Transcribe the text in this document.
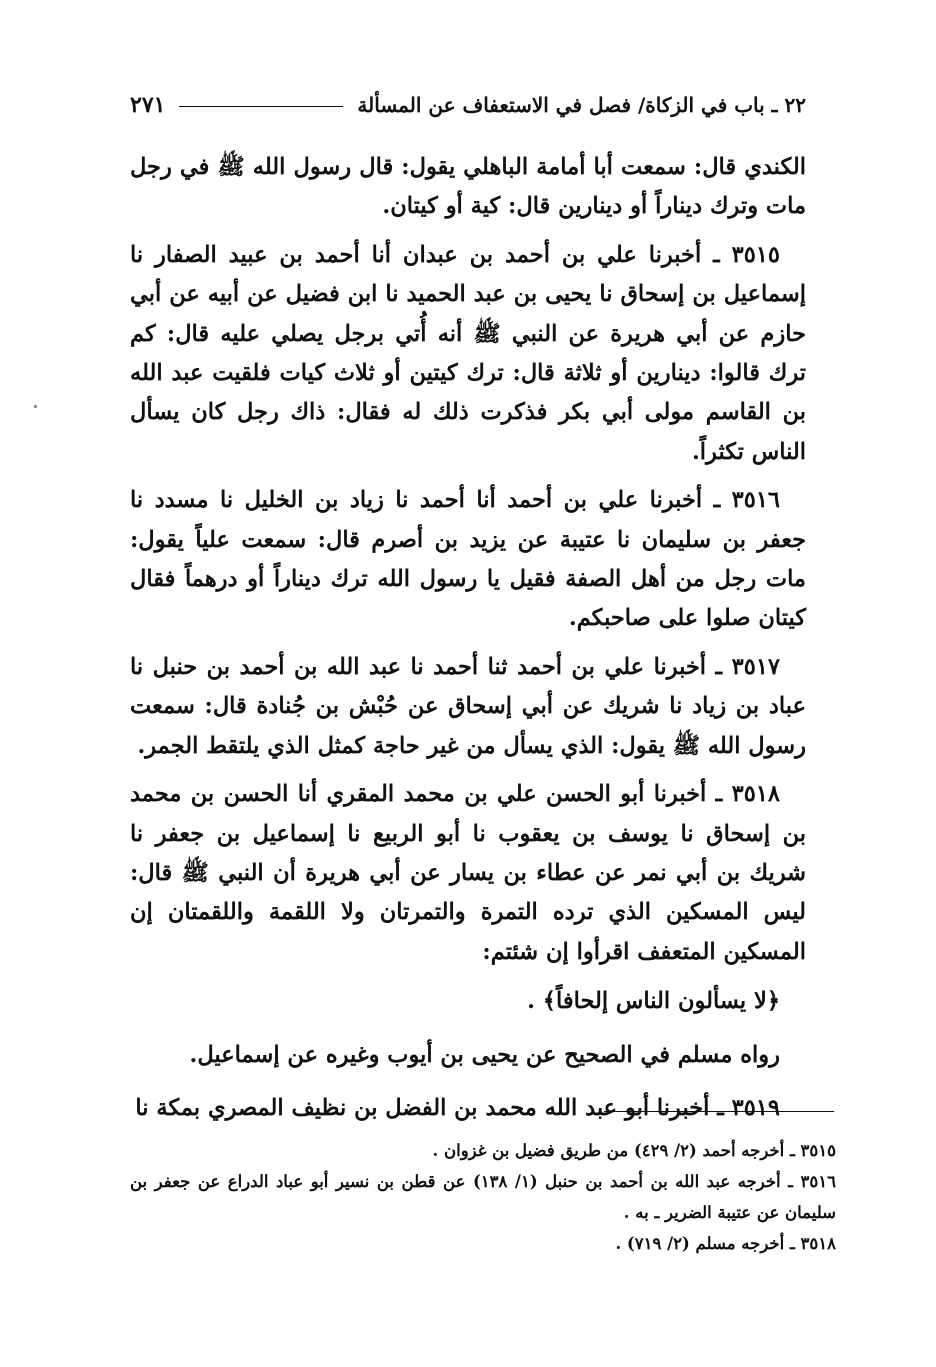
٢٢ ـ باب في الزكاة/ فصل في الاستعفاف عن المسألة
٢٧١

الكندي قال: سمعت أبا أمامة الباهلي يقول: قال رسول الله ﷺ في رجل مات وترك ديناراً أو دينارين قال: كية أو كيتان.

٣٥١٥ ـ أخبرنا علي بن أحمد بن عبدان أنا أحمد بن عبيد الصفار نا إسماعيل بن إسحاق نا يحيى بن عبد الحميد نا ابن فضيل عن أبيه عن أبي حازم عن أبي هريرة عن النبي ﷺ أنه أُتي برجل يصلي عليه قال: كم ترك قالوا: دينارين أو ثلاثة قال: ترك كيتين أو ثلاث كيات فلقيت عبد الله بن القاسم مولى أبي بكر فذكرت ذلك له فقال: ذاك رجل كان يسأل الناس تكثراً.

٣٥١٦ ـ أخبرنا علي بن أحمد أنا أحمد نا زياد بن الخليل نا مسدد نا جعفر بن سليمان نا عتيبة عن يزيد بن أصرم قال: سمعت علياً يقول: مات رجل من أهل الصفة فقيل يا رسول الله ترك ديناراً أو درهماً فقال كيتان صلوا على صاحبكم.

٣٥١٧ ـ أخبرنا علي بن أحمد ثنا أحمد نا عبد الله بن أحمد بن حنبل نا عباد بن زياد نا شريك عن أبي إسحاق عن حُبْش بن جُنادة قال: سمعت رسول الله ﷺ يقول: الذي يسأل من غير حاجة كمثل الذي يلتقط الجمر.

٣٥١٨ ـ أخبرنا أبو الحسن علي بن محمد المقري أنا الحسن بن محمد بن إسحاق نا يوسف بن يعقوب نا أبو الربيع نا إسماعيل بن جعفر نا شريك بن أبي نمر عن عطاء بن يسار عن أبي هريرة أن النبي ﷺ قال: ليس المسكين الذي ترده التمرة والتمرتان ولا اللقمة واللقمتان إن المسكين المتعفف اقرأوا إن شئتم:

﴿لا يسألون الناس إلحافاً﴾ .

رواه مسلم في الصحيح عن يحيى بن أيوب وغيره عن إسماعيل.

٣٥١٩ ـ أخبرنا أبو عبد الله محمد بن الفضل بن نظيف المصري بمكة نا

٣٥١٥ ـ أخرجه أحمد (٢/ ٤٢٩) من طريق فضيل بن غزوان .

٣٥١٦ ـ أخرجه عبد الله بن أحمد بن حنبل (١/ ١٣٨) عن قطن بن نسير أبو عباد الدراع عن جعفر بن سليمان عن عتيبة الضرير ـ به .

٣٥١٨ ـ أخرجه مسلم (٢/ ٧١٩) .
